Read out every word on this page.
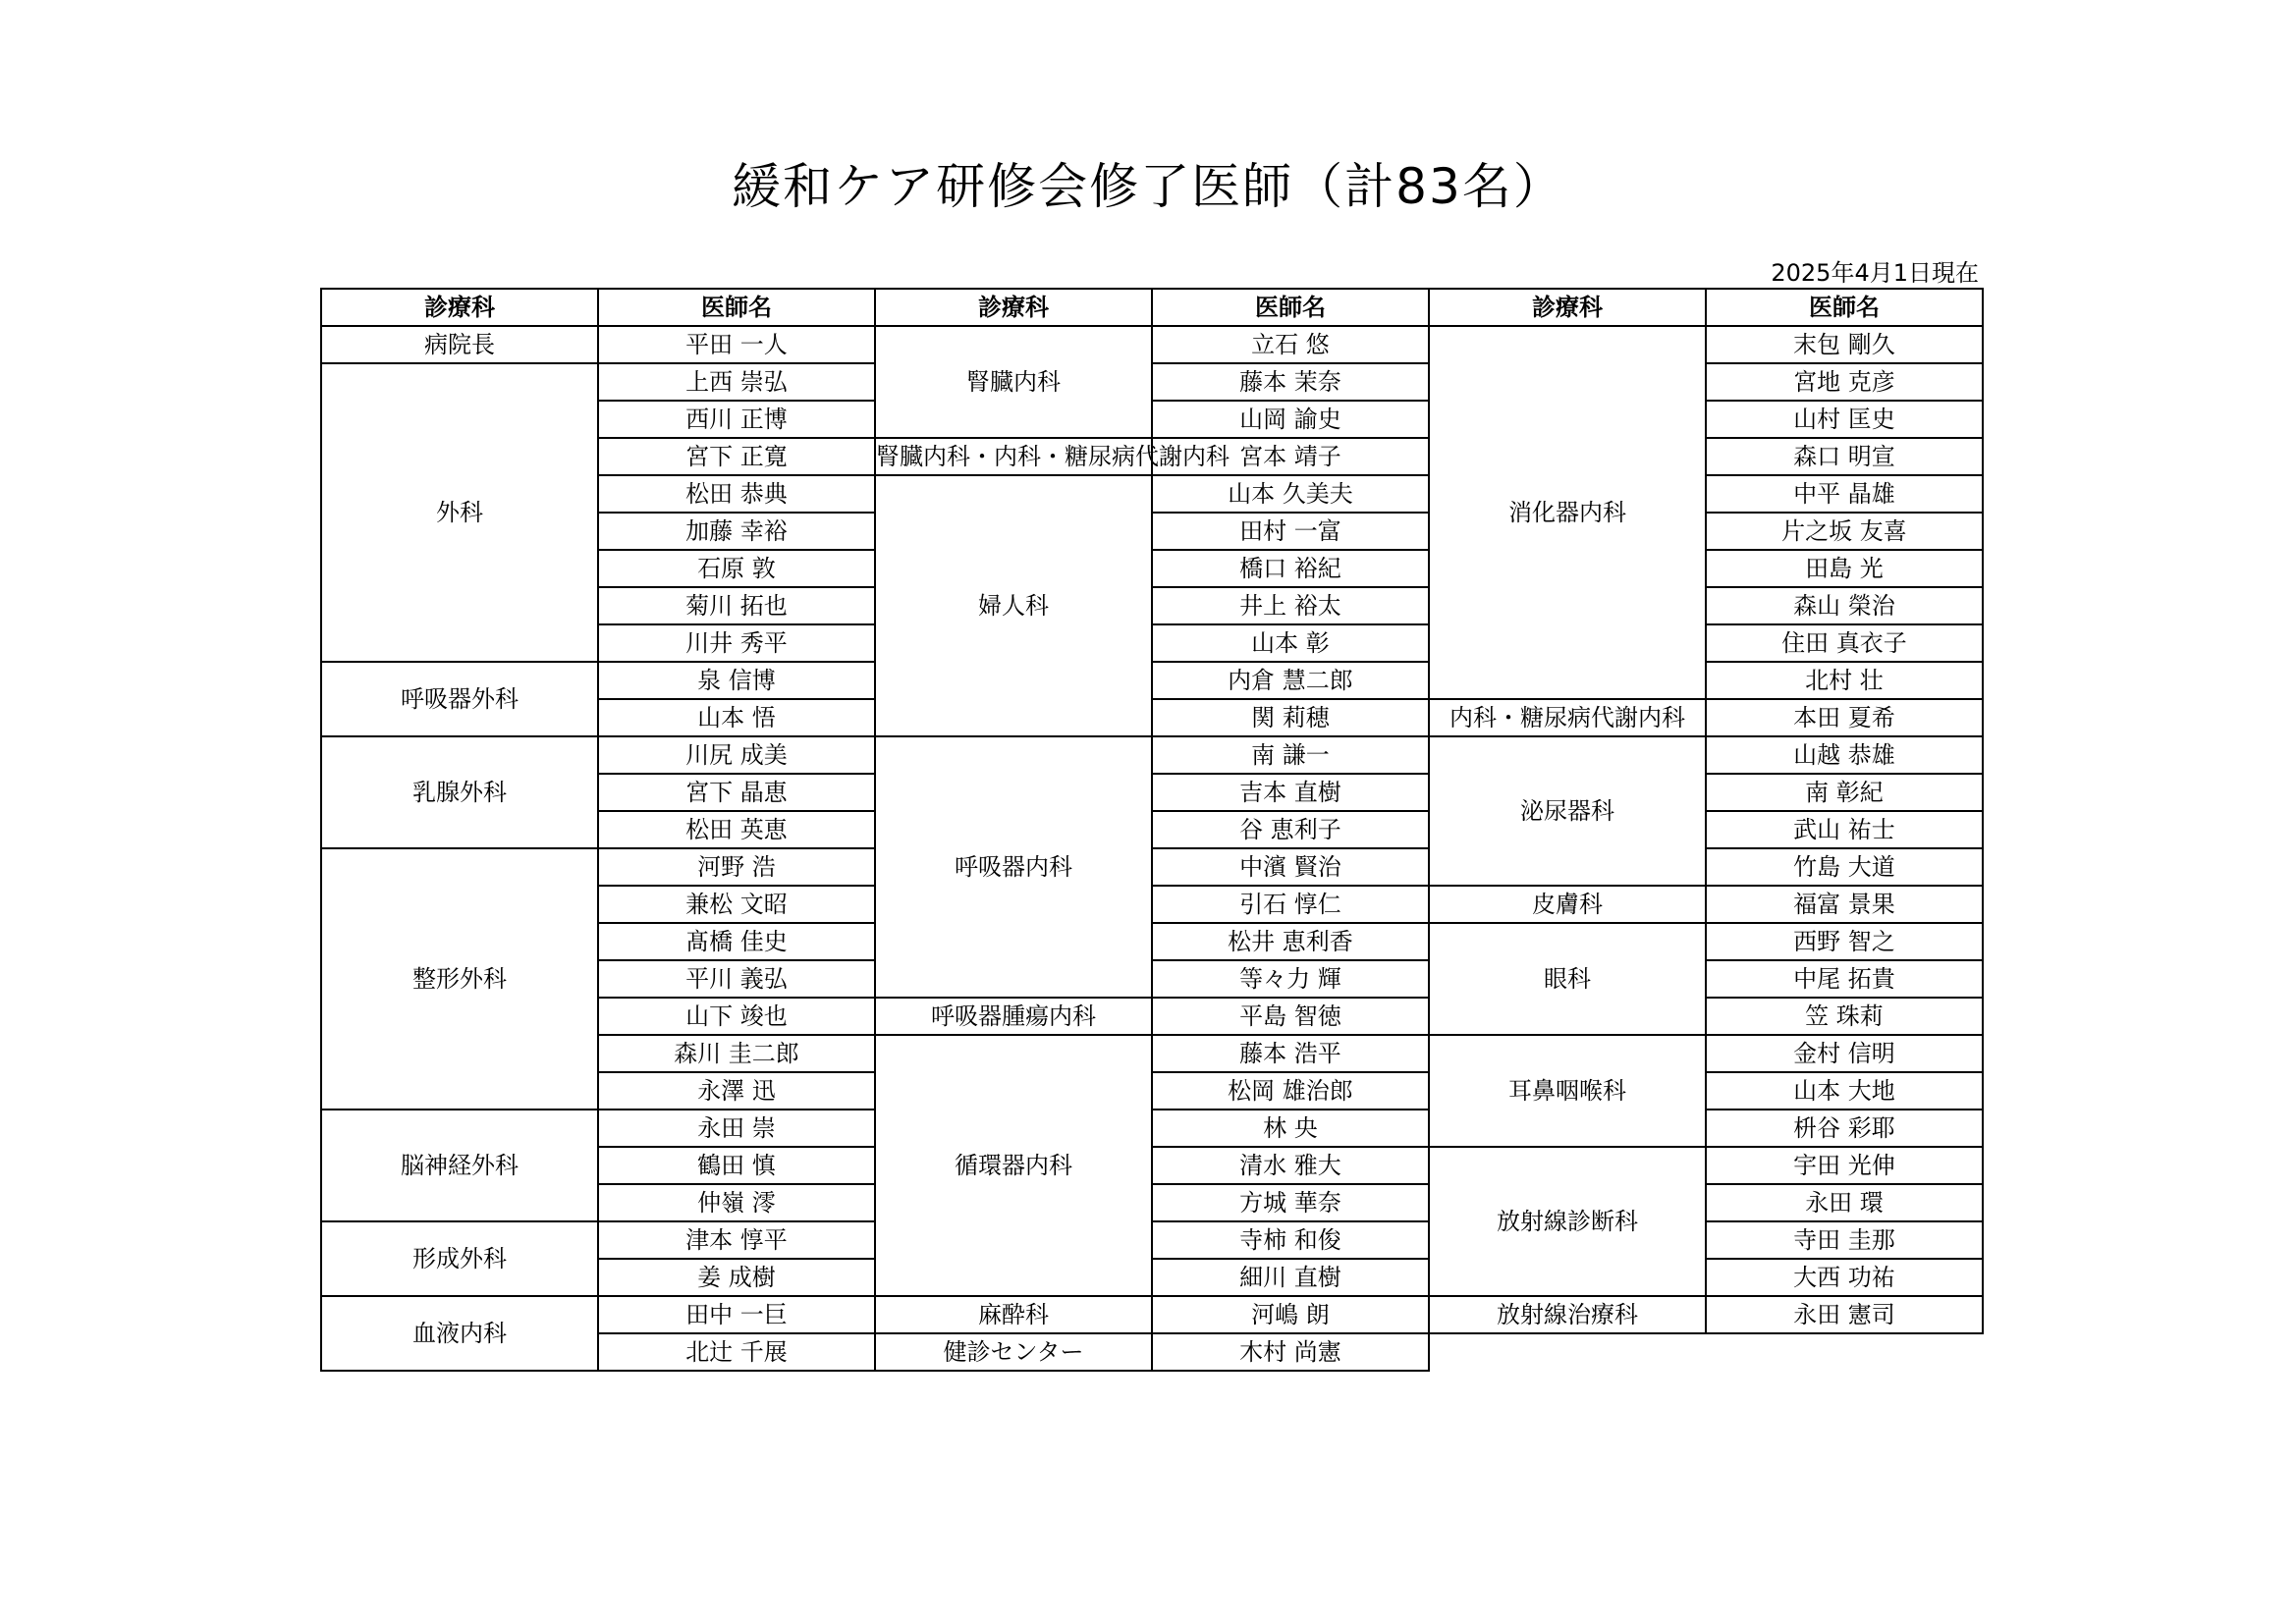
緩和ケア研修会修了医師（計83名）
2025年4月1日現在
診療科	医師名	診療科	医師名	診療科	医師名
病院長	平田 一人	腎臓内科	立石 悠	消化器内科	末包 剛久
外科	上西 崇弘		藤本 茉奈		宮地 克彦
	西川 正博		山岡 諭史		山村 匡史
	宮下 正寛	腎臓内科・内科・糖尿病代謝内科	宮本 靖子		森口 明宣
	松田 恭典	婦人科	山本 久美夫		中平 晶雄
	加藤 幸裕		田村 一富		片之坂 友喜
	石原 敦		橋口 裕紀		田島 光
	菊川 拓也		井上 裕太		森山 榮治
	川井 秀平		山本 彰		住田 真衣子
呼吸器外科	泉 信博		内倉 慧二郎		北村 壮
	山本 悟		関 莉穂	内科・糖尿病代謝内科	本田 夏希
乳腺外科	川尻 成美	呼吸器内科	南 謙一	泌尿器科	山越 恭雄
	宮下 晶恵		吉本 直樹		南 彰紀
	松田 英恵		谷 恵利子		武山 祐士
整形外科	河野 浩		中濱 賢治		竹島 大道
	兼松 文昭		引石 惇仁	皮膚科	福富 景果
	髙橋 佳史		松井 恵利香	眼科	西野 智之
	平川 義弘		等々力 輝		中尾 拓貴
	山下 竣也	呼吸器腫瘍内科	平島 智徳		笠 珠莉
	森川 圭二郎	循環器内科	藤本 浩平	耳鼻咽喉科	金村 信明
	永澤 迅		松岡 雄治郎		山本 大地
脳神経外科	永田 崇		林 央		枡谷 彩耶
	鶴田 慎		清水 雅大	放射線診断科	宇田 光伸
	仲嶺 澪		方城 華奈		永田 環
形成外科	津本 惇平		寺柿 和俊		寺田 圭那
	姜 成樹		細川 直樹		大西 功祐
血液内科	田中 一巨	麻酔科	河嶋 朗	放射線治療科	永田 憲司
	北辻 千展	健診センター	木村 尚憲		
